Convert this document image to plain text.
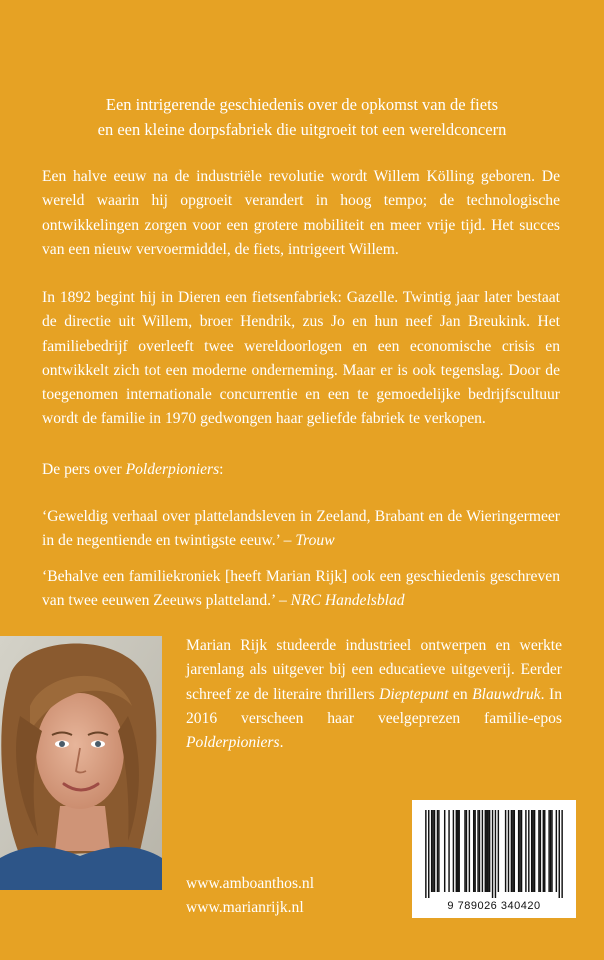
Een intrigerende geschiedenis over de opkomst van de fiets
en een kleine dorpsfabriek die uitgroeit tot een wereldconcern
Een halve eeuw na de industriële revolutie wordt Willem Kölling geboren. De wereld waarin hij opgroeit verandert in hoog tempo; de technologische ontwikkelingen zorgen voor een grotere mobiliteit en meer vrije tijd. Het succes van een nieuw vervoermiddel, de fiets, intrigeert Willem.
In 1892 begint hij in Dieren een fietsenfabriek: Gazelle. Twintig jaar later bestaat de directie uit Willem, broer Hendrik, zus Jo en hun neef Jan Breukink. Het familiebedrijf overleeft twee wereldoorlogen en een economische crisis en ontwikkelt zich tot een moderne onderneming. Maar er is ook tegenslag. Door de toegenomen internationale concurrentie en een te gemoedelijke bedrijfscultuur wordt de familie in 1970 gedwongen haar geliefde fabriek te verkopen.
De pers over Polderpioniers:
‘Geweldig verhaal over plattelandsleven in Zeeland, Brabant en de Wieringermeer in de negentiende en twintigste eeuw.’ – Trouw
‘Behalve een familiekroniek [heeft Marian Rijk] ook een geschiedenis geschreven van twee eeuwen Zeeuws platteland.’ – NRC Handelsblad
Marian Rijk studeerde industrieel ontwerpen en werkte jarenlang als uitgever bij een educatieve uitgeverij. Eerder schreef ze de literaire thrillers Dieptepunt en Blauwdruk. In 2016 verscheen haar veelgeprezen familie-epos Polderpioniers.
www.amboanthos.nl
www.marianrijk.nl	9 789026 340420
